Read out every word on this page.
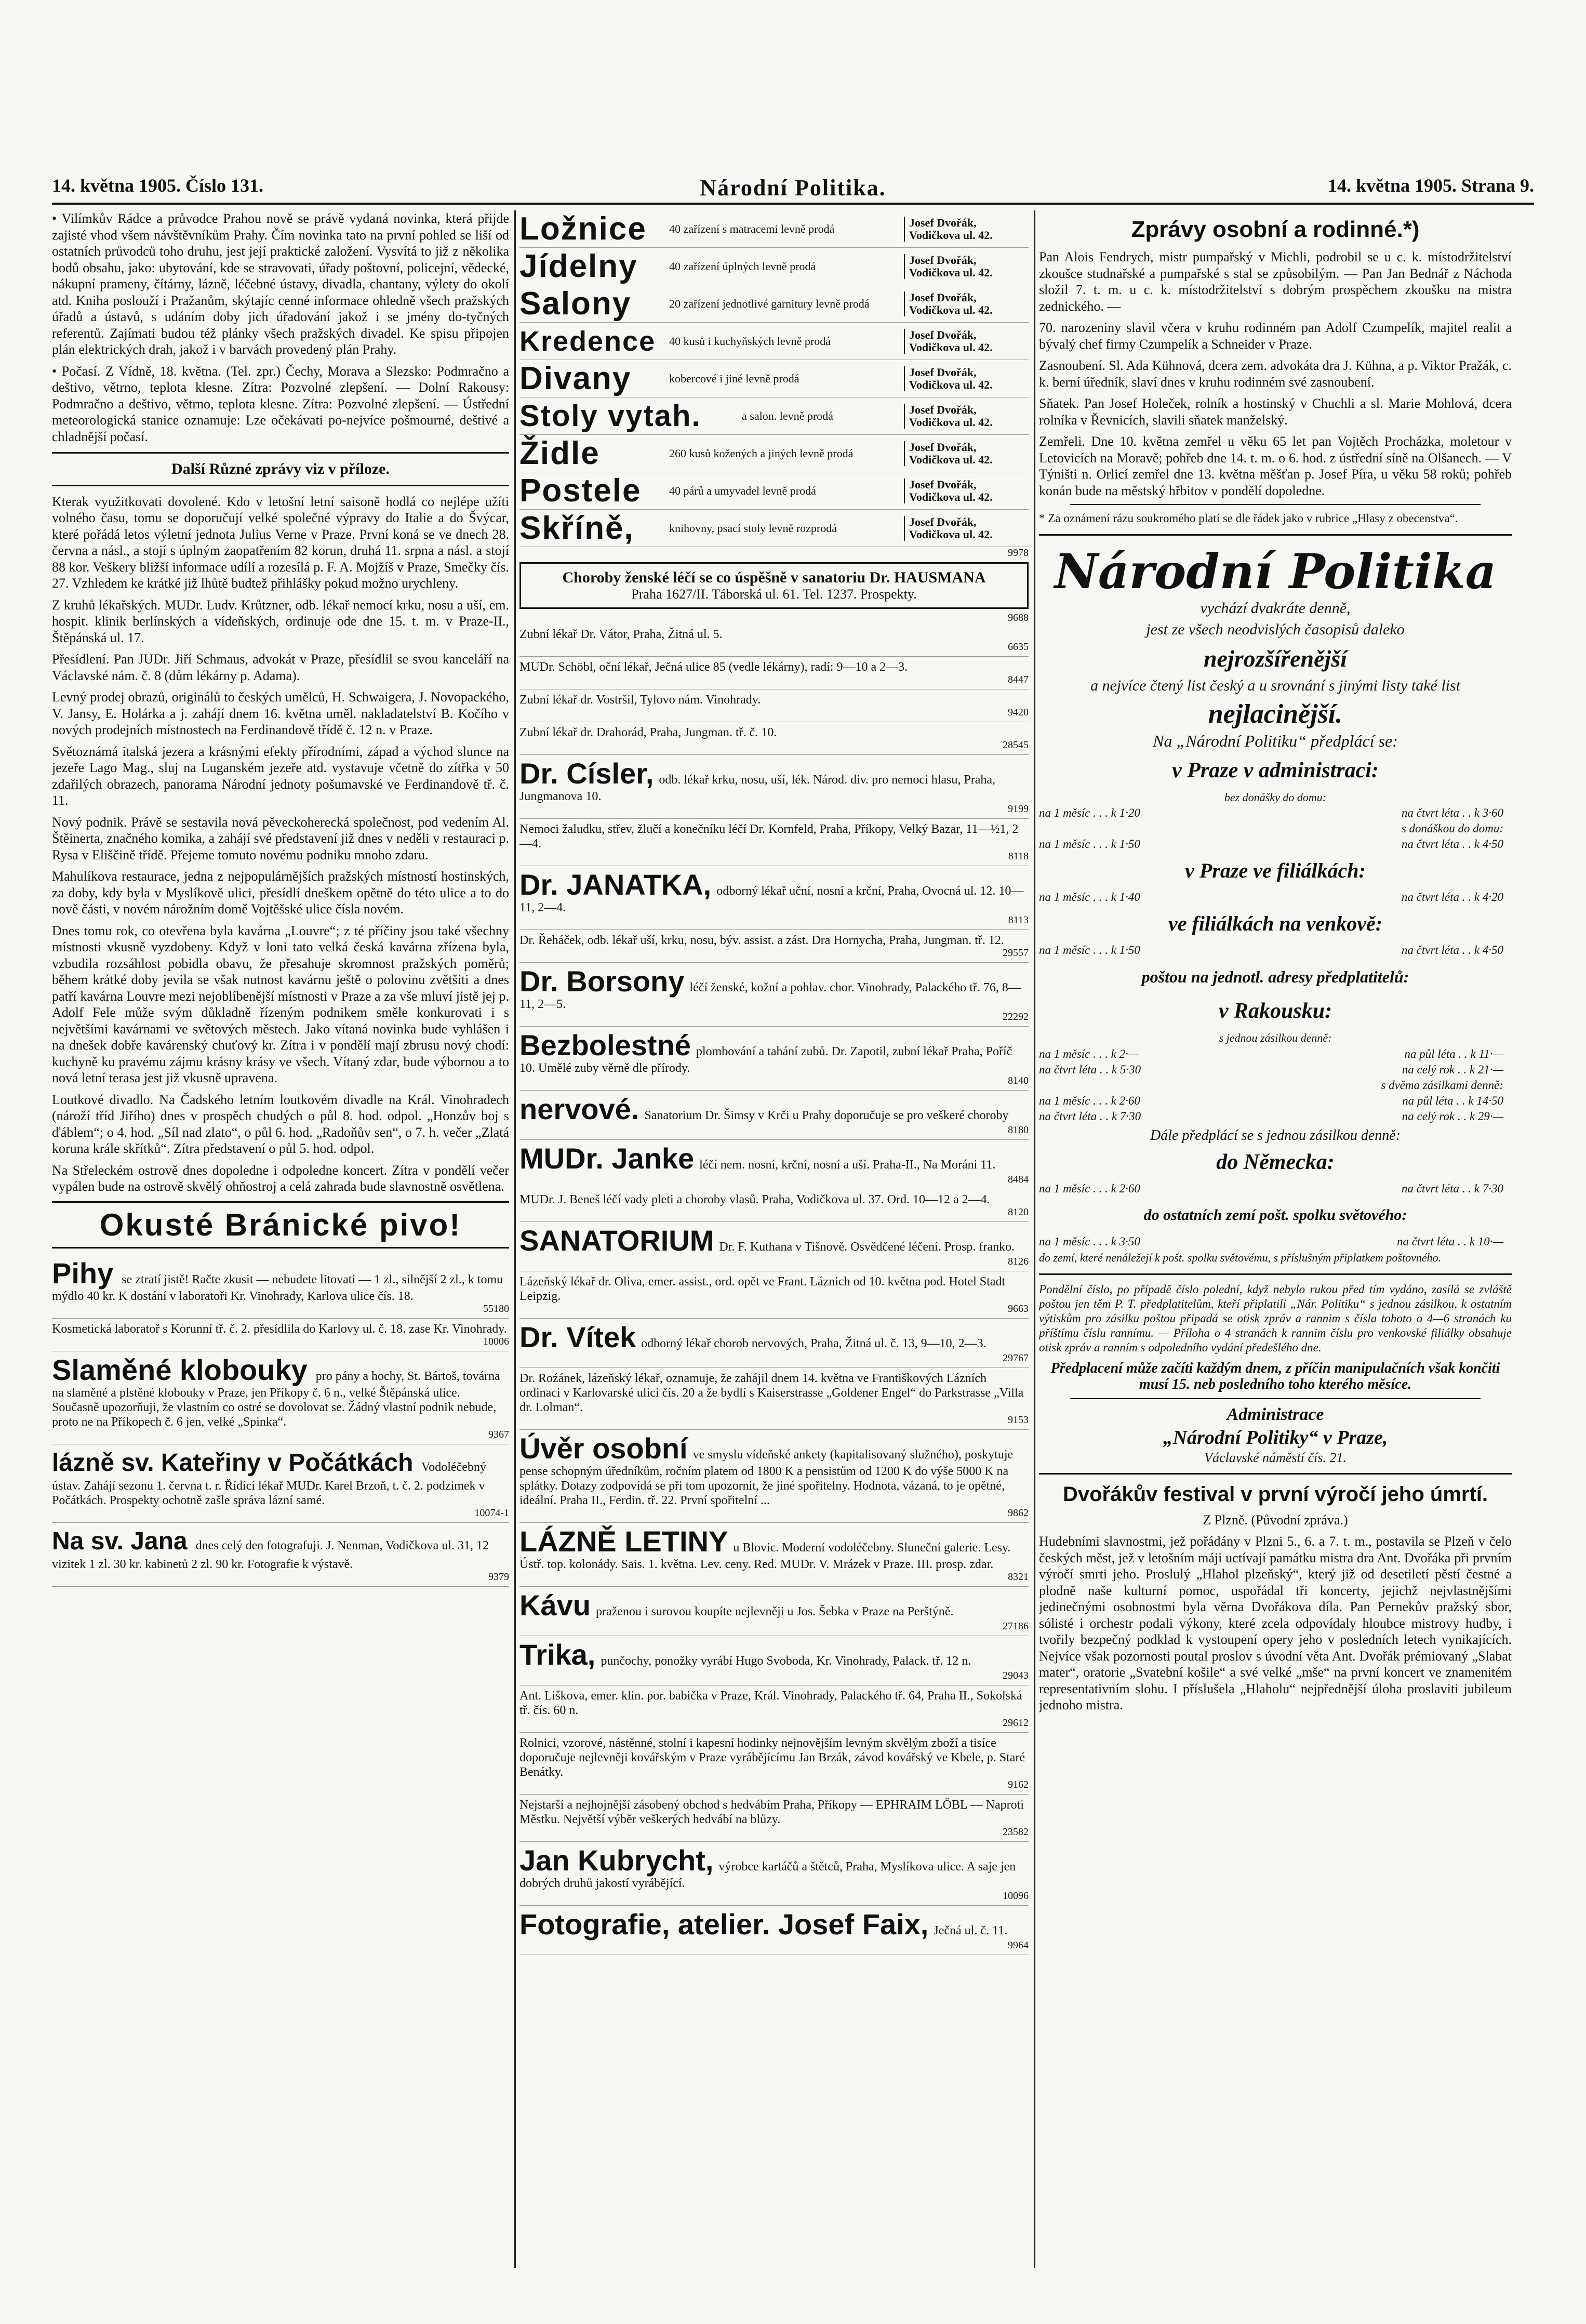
14. května 1905. Číslo 131.	Národní Politika.	14. května 1905. Strana 9.

• Vilímkův Rádce a průvodce Prahou nově se právě vydaná novinka, která přijde zajisté vhod všem návštěvníkům Prahy. Čím novinka tato na první pohled se liší od ostatních průvodců toho druhu, jest její praktické založení. Vysvítá to již z několika bodů obsahu, jako: ubytování, kde se stravovati, úřady poštovní, policejní, vědecké, nákupní prameny, čítárny, lázně, léčebné ústavy, divadla, chantany, výlety do okolí atd. Kniha poslouží i Pražanům, skýtajíc cenné informace ohledně všech pražských úřadů a ústavů, s udáním doby jich úřadování jakož i se jmény do-tyčných referentů. Zajímati budou též plánky všech pražských divadel. Ke spisu připojen plán elektrických drah, jakož i v barvách provedený plán Prahy.

• Počasí. Z Vídně, 18. května. (Tel. zpr.) Čechy, Morava a Slezsko: Podmračno a deštivo, větrno, teplota klesne. Zítra: Pozvolné zlepšení. — Dolní Rakousy: Podmračno a deštivo, větrno, teplota klesne. Zítra: Pozvolné zlepšení. — Ústřední meteorologická stanice oznamuje: Lze očekávati po-nejvíce pošmourné, deštivé a chladnější počasí.

Další Různé zprávy viz v příloze.

Kterak využitkovati dovolené. Kdo v letošní letní saisoně hodlá co nejlépe užíti volného času, tomu se doporučují velké společné výpravy do Italie a do Švýcar, které pořádá letos výletní jednota Julius Verne v Praze. První koná se ve dnech 28. června a násl., a stojí s úplným zaopatřením 82 korun, druhá 11. srpna a násl. a stojí 88 kor. Veškery bližší informace udílí a rozesílá p. F. A. Mojžíš v Praze, Smečky čís. 27. Vzhledem ke krátké již lhůtě budtež přihlášky pokud možno urychleny.

Z kruhů lékařských. MUDr. Ludv. Krůtzner, odb. lékař nemocí krku, nosu a uší, em. hospit. klinik berlínských a vídeňských, ordinuje ode dne 15. t. m. v Praze-II., Štěpánská ul. 17.

Přesídlení. Pan JUDr. Jiří Schmaus, advokát v Praze, přesídlil se svou kanceláří na Václavské nám. č. 8 (dům lékárny p. Adama).

Levný prodej obrazů, originálů to českých umělců, H. Schwaigera, J. Novopackého, V. Jansy, E. Holárka a j. zahájí dnem 16. května uměl. nakladatelství B. Kočího v nových prodejních místnostech na Ferdinandově třídě č. 12 n. v Praze.

Světoznámá italská jezera a krásnými efekty přírodními, západ a východ slunce na jezeře Lago Mag., sluj na Luganském jezeře atd. vystavuje včetně do zítřka v 50 zdařilých obrazech, panorama Národní jednoty pošumavské ve Ferdinandově tř. č. 11.

Nový podnik. Právě se sestavila nová pěveckoherecká společnost, pod vedením Al. Štěinerta, značného komika, a zahájí své představení již dnes v neděli v restauraci p. Rysa v Eliščině třídě. Přejeme tomuto novému podniku mnoho zdaru.

Mahulíkova restaurace, jedna z nejpopulárnějších pražských místností hostinských, za doby, kdy byla v Myslíkově ulici, přesídlí dneškem opětně do této ulice a to do nově části, v novém nárožním domě Vojtěšské ulice čísla novém.

Dnes tomu rok, co otevřena byla kavárna „Louvre“; z té příčiny jsou také všechny místnosti vkusně vyzdobeny. Když v loni tato velká česká kavárna zřízena byla, vzbudila rozsáhlost pobidla obavu, že přesahuje skromnost pražských poměrů; během krátké doby jevila se však nutnost kavárnu ještě o polovinu zvětšiti a dnes patří kavárna Louvre mezi nejoblíbenější místnosti v Praze a za vše mluví jistě jej p. Adolf Fele může svým důkladně řízeným podnikem směle konkurovati i s největšími kavárnami ve světových městech. Jako vítaná novinka bude vyhlášen i na dnešek dobře kavárenský chuťový kr. Zítra i v pondělí mají zbrusu nový chodí: kuchyně ku pravému zájmu krásny krásy ve všech. Vítaný zdar, bude výbornou a to nová letní terasa jest již vkusně upravena.

Loutkové divadlo. Na Čadského letním loutkovém divadle na Král. Vinohradech (nároží tříd Jiřího) dnes v prospěch chudých o půl 8. hod. odpol. „Honzův boj s ďáblem“; o 4. hod. „Síl nad zlato“, o půl 6. hod. „Radoňův sen“, o 7. h. večer „Zlatá koruna krále skřítků“. Zítra představení o půl 5. hod. odpol.

Na Střeleckém ostrově dnes dopoledne i odpoledne koncert. Zítra v pondělí večer vypálen bude na ostrově skvělý ohňostroj a celá zahrada bude slavnostně osvětlena.

Okusté Bránické pivo!
Pihy se ztratí jistě! Račte zkusit — nebudete litovati — 1 zl., silnější 2 zl., k tomu mýdlo 40 kr. K dostání v laboratoři Kr. Vinohrady, Karlova ulice čís. 18.
55180
Kosmetická laboratoř s Korunní tř. č. 2. přesídlila do Karlovy ul. č. 18. zase Kr. Vinohrady.
10006
Slaměné klobouky pro pány a hochy, St. Bártoš, továrna na slaměné a plstěné klobouky v Praze, jen Příkopy č. 6 n., velké Štěpánská ulice. Současně upozorňuji, že vlastním co ostré se dovolovat se. Žádný vlastní podnik nebude, proto ne na Příkopech č. 6 jen, velké „Spinka“.
9367
lázně sv. Kateřiny v Počátkách Vodoléčebný ústav. Zahájí sezonu 1. června t. r. Řídící lékař MUDr. Karel Brzoň, t. č. 2. podzimek v Počátkách. Prospekty ochotně zašle správa lázní samé.
10074-1
Na sv. Jana dnes celý den fotografuji. J. Nenman, Vodičkova ul. 31, 12 vizitek 1 zl. 30 kr. kabinetů 2 zl. 90 kr. Fotografie k výstavě.
9379
Ložnice	40 zařízení s matracemi levně prodá	Josef Dvořák, Vodičkova ul. 42.
Jídelny	40 zařízení úplných levně prodá	Josef Dvořák, Vodičkova ul. 42.
Salony	20 zařízení jednotlivé garnitury levně prodá	Josef Dvořák, Vodičkova ul. 42.
Kredence	40 kusů i kuchyňských levně prodá	Josef Dvořák, Vodičkova ul. 42.
Divany	kobercové i jiné levně prodá	Josef Dvořák, Vodičkova ul. 42.
Stoly vytah.	a salon. levně prodá	Josef Dvořák, Vodičkova ul. 42.
Židle	260 kusů kožených a jiných levně prodá	Josef Dvořák, Vodičkova ul. 42.
Postele	40 párů a umyvadel levně prodá	Josef Dvořák, Vodičkova ul. 42.
Skříně,	knihovny, psací stoly levně rozprodá	Josef Dvořák, Vodičkova ul. 42.
9978
Choroby ženské léčí se co úspěšně v sanatoriu Dr. HAUSMANA
Praha 1627/II. Táborská ul. 61. Tel. 1237. Prospekty.
9688
Zubní lékař Dr. Vátor, Praha, Žitná ul. 5.
6635
MUDr. Schöbl, oční lékař, Ječná ulice 85 (vedle lékárny), radí: 9—10 a 2—3.
8447
Zubní lékař dr. Vostršil, Tylovo nám. Vinohrady.
9420
Zubní lékař dr. Drahorád, Praha, Jungman. tř. č. 10.
28545
Dr. Císler, odb. lékař krku, nosu, uší, lék. Národ. div. pro nemoci hlasu, Praha, Jungmanova 10.
9199
Nemoci žaludku, střev, žlučí a konečníku léčí Dr. Kornfeld, Praha, Příkopy, Velký Bazar, 11—½1, 2—4.
8118
Dr. JANATKA, odborný lékař uční, nosní a krční, Praha, Ovocná ul. 12. 10—11, 2—4.
8113
Dr. Řeháček, odb. lékař uší, krku, nosu, býv. assist. a zást. Dra Hornycha, Praha, Jungman. tř. 12.
29557
Dr. Borsony léčí ženské, kožní a pohlav. chor. Vinohrady, Palackého tř. 76, 8—11, 2—5.
22292
Bezbolestné plombování a tahání zubů. Dr. Zapotil, zubní lékař Praha, Poříč 10. Umělé zuby věrně dle přírody.
8140
nervové. Sanatorium Dr. Šimsy v Krči u Prahy doporučuje se pro veškeré choroby
8180
MUDr. Janke léčí nem. nosní, krční, nosní a uší. Praha-II., Na Moráni 11.
8484
MUDr. J. Beneš léčí vady pleti a choroby vlasů. Praha, Vodičkova ul. 37. Ord. 10—12 a 2—4.
8120
SANATORIUM Dr. F. Kuthana v Tišnově. Osvědčené léčení. Prosp. franko.
8126
Lázeňský lékař dr. Oliva, emer. assist., ord. opět ve Frant. Láznich od 10. května pod. Hotel Stadt Leipzig.
9663
Dr. Vítek odborný lékař chorob nervových, Praha, Žitná ul. č. 13, 9—10, 2—3.
29767
Dr. Roźánek, lázeňský lékař, oznamuje, že zahájil dnem 14. května ve Františkových Lázních ordinaci v Karlovarské ulici čís. 20 a že bydlí s Kaiserstrasse „Goldener Engel“ do Parkstrasse „Villa dr. Lolman“.
9153
Úvěr osobní ve smyslu vídeňské ankety (kapitalisovaný služného), poskytuje pense schopným úředníkům, ročním platem od 1800 K a pensistům od 1200 K do výše 5000 K na splátky. Dotazy zodpovídá se při tom upozornit, že jiné spořitelny. Hodnota, vázaná, to je opětné, ideální. Praha II., Ferdin. tř. 22. První spořitelní ...
9862
LÁZNĚ LETINY u Blovic. Moderní vodoléčebny. Sluneční galerie. Lesy. Ústř. top. kolonády. Sais. 1. května. Lev. ceny. Red. MUDr. V. Mrázek v Praze. III. prosp. zdar.
8321
Kávu praženou i surovou koupíte nejlevněji u Jos. Šebka v Praze na Perštýně.
27186
Trika, punčochy, ponožky vyrábí Hugo Svoboda, Kr. Vinohrady, Palack. tř. 12 n.
29043
Ant. Liškova, emer. klin. por. babička v Praze, Král. Vinohrady, Palackého tř. 64, Praha II., Sokolská tř. čís. 60 n.
29612
Rolnici, vzorové, nástěnné, stolní i kapesní hodinky nejnovějším levným skvělým zboží a tisíce doporučuje nejlevněji kovářským v Praze vyrábějícímu Jan Brzák, závod kovářský ve Kbele, p. Staré Benátky.
9162
Nejstarší a nejhojnější zásobený obchod s hedvábím Praha, Příkopy — EPHRAIM LÖBL — Naproti Městku. Největší výběr veškerých hedvábí na blůzy.
23582
Jan Kubrycht, výrobce kartáčů a štětců, Praha, Myslíkova ulice. A saje jen dobrých druhů jakostí vyrábějící.
10096
Fotografie, atelier. Josef Faix, Ječná ul. č. 11.
9964
Zprávy osobní a rodinné.*)

Pan Alois Fendrych, mistr pumpařský v Michli, podrobil se u c. k. místodržitelství zkoušce studnařské a pumpařské s stal se způsobilým. — Pan Jan Bednář z Náchoda složil 7. t. m. u c. k. místodržitelství s dobrým prospěchem zkoušku na mistra zednického. —

70. narozeniny slavil včera v kruhu rodinném pan Adolf Czumpelík, majitel realit a bývalý chef firmy Czumpelík a Schneider v Praze.

Zasnoubení. Sl. Ada Kühnová, dcera zem. advokáta dra J. Kühna, a p. Viktor Pražák, c. k. berní úředník, slaví dnes v kruhu rodinném své zasnoubení.

Sňatek. Pan Josef Holeček, rolník a hostinský v Chuchli a sl. Marie Mohlová, dcera rolníka v Řevnicích, slavili sňatek manželský.

Zemřeli. Dne 10. května zemřel u věku 65 let pan Vojtěch Procházka, moletour v Letovicích na Moravě; pohřeb dne 14. t. m. o 6. hod. z ústřední síně na Olšanech. — V Týništi n. Orlicí zemřel dne 13. května měšťan p. Josef Píra, u věku 58 roků; pohřeb konán bude na městský hřbitov v pondělí dopoledne.

* Za oznámení rázu soukromého platí se dle řádek jako v rubrice „Hlasy z obecenstva“.

Národní Politika

vychází dvakráte denně,

jest ze všech neodvislých časopisů daleko

nejrozšířenější

a nejvíce čtený list český a u srovnání s jinými listy také list

nejlacinější.

Na „Národní Politiku“ předplácí se:

v Praze v administraci:

bez donášky do domu:

na 1 měsíc . . . k 1·20	na čtvrt léta . . k 3·60
s donáškou do domu:
na 1 měsíc . . . k 1·50	na čtvrt léta . . k 4·50
v Praze ve filiálkách:
na 1 měsíc . . . k 1·40	na čtvrt léta . . k 4·20
ve filiálkách na venkově:
na 1 měsíc . . . k 1·50	na čtvrt léta . . k 4·50
poštou na jednotl. adresy předplatitelů:
v Rakousku:

s jednou zásilkou denně:

na 1 měsíc . . . k 2·—	na půl léta . . k 11·—
na čtvrt léta . . k 5·30	na celý rok . . k 21·—
s dvěma zásilkami denně:
na 1 měsíc . . . k 2·60	na půl léta . . k 14·50
na čtvrt léta . . k 7·30	na celý rok . . k 29·—

Dále předplácí se s jednou zásilkou denně:

do Německa:
na 1 měsíc . . . k 2·60	na čtvrt léta . . k 7·30
do ostatních zemí pošt. spolku světového:
na 1 měsíc . . . k 3·50	na čtvrt léta . . k 10·—

do zemí, které nenáležejí k pošt. spolku světovému, s příslušným připlatkem poštovného.

Pondělní číslo, po případě číslo polední, když nebylo rukou před tím vydáno, zasílá se zvláště poštou jen těm P. T. předplatitelům, kteří připlatili „Nár. Politiku“ s jednou zásilkou, k ostatním výtiskům pro zásilku poštou připadá se otisk zpráv a rannim s čísla tohoto o 4—6 stranách ku příštímu číslu rannímu. — Příloha o 4 stranách k rannim číslu pro venkovské filiálky obsahuje otisk zpráv a ranním s odpoledního vydání předešlého dne.

Předplacení může začíti každým dnem, z příčin manipulačních však končiti musí 15. neb posledního toho kterého měsíce.

Administrace
„Národní Politiky“ v Praze,
Václavské náměstí čís. 21.
Dvořákův festival v první výročí jeho úmrtí.

Z Plzně. (Původní zpráva.)

Hudebními slavnostmi, jež pořádány v Plzni 5., 6. a 7. t. m., postavila se Plzeň v čelo českých měst, jež v letošním máji uctívají památku mistra dra Ant. Dvořáka při prvním výročí smrti jeho. Proslulý „Hlahol plzeňský“, který již od desetiletí pěstí čestné a plodně naše kulturní pomoc, uspořádal tři koncerty, jejichž nejvlastnějšími jedinečnými osobnostmi byla věrna Dvořákova díla. Pan Pernekův pražský sbor, sólisté i orchestr podali výkony, které zcela odpovídaly hloubce mistrovy hudby, i tvořily bezpečný podklad k vystoupení opery jeho v posledních letech vynikajících. Nejvíce však pozornosti poutal proslov s úvodní věta Ant. Dvořák prémiovaný „Slabat mater“, oratorie „Svatební košile“ a své velké „mše“ na první koncert ve znamenitém representativním slohu. I příslušela „Hlaholu“ nejpřednější úloha proslaviti jubileum jednoho mistra.
